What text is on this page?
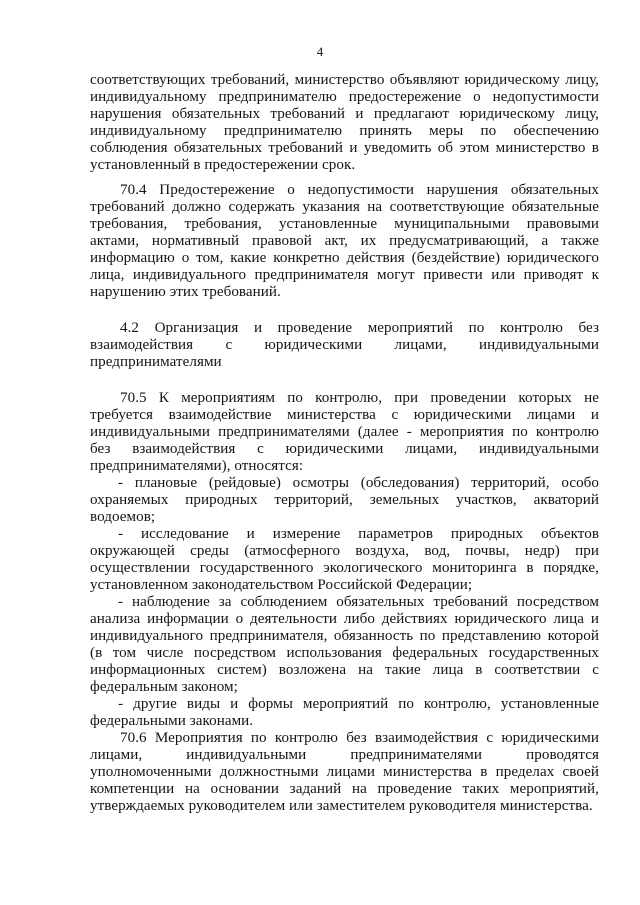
4

соответствующих требований, министерство объявляют юридическому лицу,

индивидуальному предпринимателю предостережение о недопустимости

нарушения обязательных требований и предлагают юридическому лицу,

индивидуальному предпринимателю принять меры по обеспечению

соблюдения обязательных требований и уведомить об этом министерство в

установленный в предостережении срок.

70.4 Предостережение о недопустимости нарушения обязательных

требований должно содержать указания на соответствующие обязательные

требования, требования, установленные муниципальными правовыми

актами, нормативный правовой акт, их предусматривающий, а также

информацию о том, какие конкретно действия (бездействие) юридического

лица, индивидуального предпринимателя могут привести или приводят к

нарушению этих требований.

4.2 Организация и проведение мероприятий по контролю без

взаимодействия с юридическими лицами, индивидуальными

предпринимателями

70.5 К мероприятиям по контролю, при проведении которых не

требуется взаимодействие министерства с юридическими лицами и

индивидуальными предпринимателями (далее - мероприятия по контролю

без взаимодействия с юридическими лицами, индивидуальными

предпринимателями), относятся:

- плановые (рейдовые) осмотры (обследования) территорий, особо

охраняемых природных территорий, земельных участков, акваторий

водоемов;

- исследование и измерение параметров природных объектов

окружающей среды (атмосферного воздуха, вод, почвы, недр) при

осуществлении государственного экологического мониторинга в порядке,

установленном законодательством Российской Федерации;

- наблюдение за соблюдением обязательных требований посредством

анализа информации о деятельности либо действиях юридического лица и

индивидуального предпринимателя, обязанность по представлению которой

(в том числе посредством использования федеральных государственных

информационных систем) возложена на такие лица в соответствии с

федеральным законом;

- другие виды и формы мероприятий по контролю, установленные

федеральными законами.

70.6 Мероприятия по контролю без взаимодействия с юридическими

лицами, индивидуальными предпринимателями проводятся

уполномоченными должностными лицами министерства в пределах своей

компетенции на основании заданий на проведение таких мероприятий,

утверждаемых руководителем или заместителем руководителя министерства.
